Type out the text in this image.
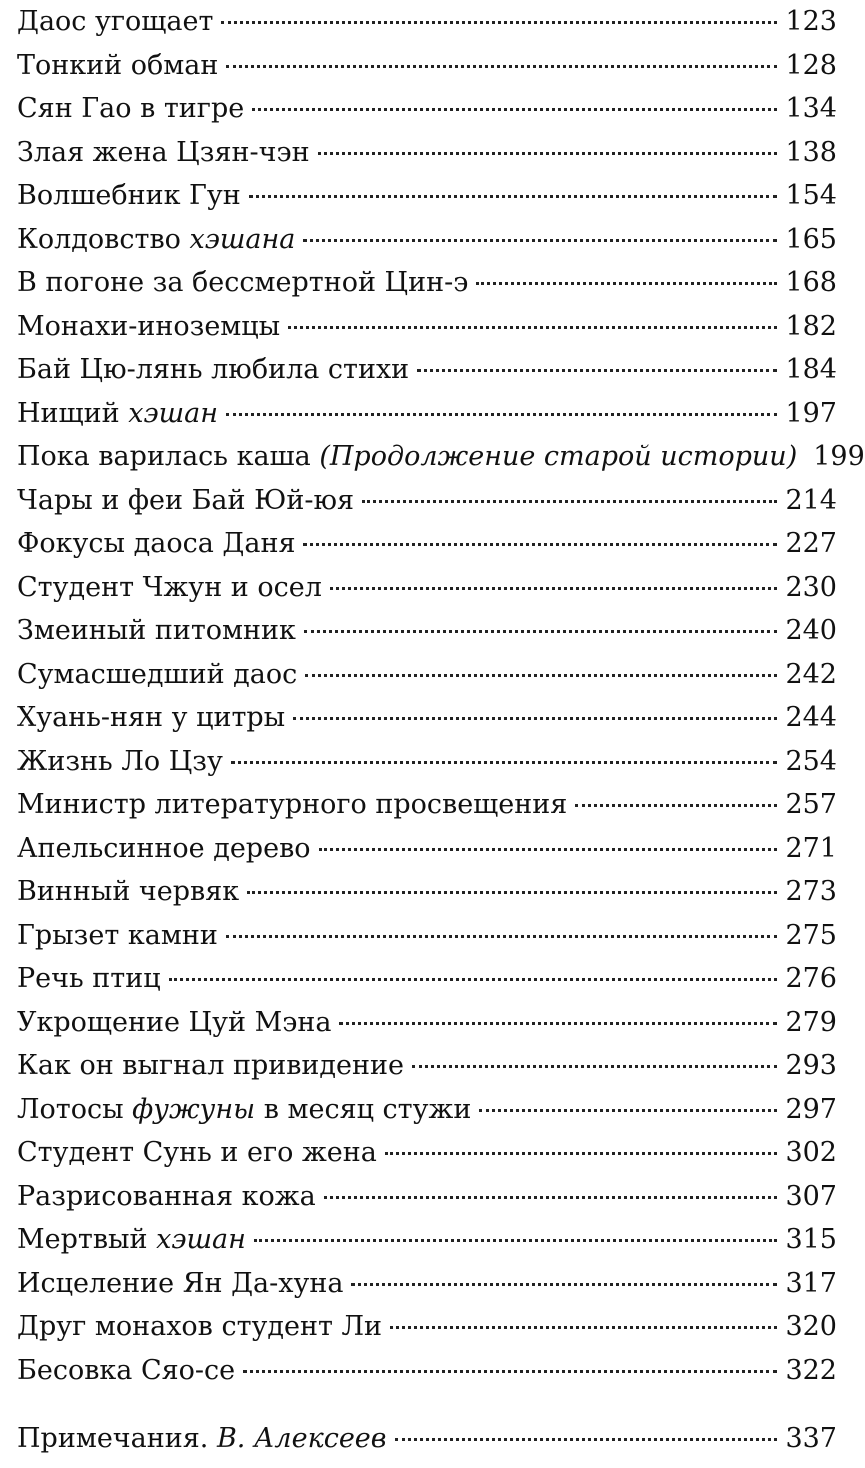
Даос угощает	123
Тонкий обман	128
Сян Гао в тигре	134
Злая жена Цзян-чэн	138
Волшебник Гун	154
Колдовство хэшана	165
В погоне за бессмертной Цин-э	168
Монахи-иноземцы	182
Бай Цю-лянь любила стихи	184
Нищий хэшан	197
Пока варилась каша (Продолжение старой истории) 199
Чары и феи Бай Юй-юя	214
Фокусы даоса Даня	227
Студент Чжун и осел	230
Змеиный питомник	240
Сумасшедший даос	242
Хуань-нян у цитры	244
Жизнь Ло Цзу	254
Министр литературного просвещения	257
Апельсинное дерево	271
Винный червяк	273
Грызет камни	275
Речь птиц	276
Укрощение Цуй Мэна	279
Как он выгнал привидение	293
Лотосы фужуны в месяц стужи	297
Студент Сунь и его жена	302
Разрисованная кожа	307
Мертвый хэшан	315
Исцеление Ян Да-хуна	317
Друг монахов студент Ли	320
Бесовка Сяо-се	322
Примечания. В. Алексеев	337
